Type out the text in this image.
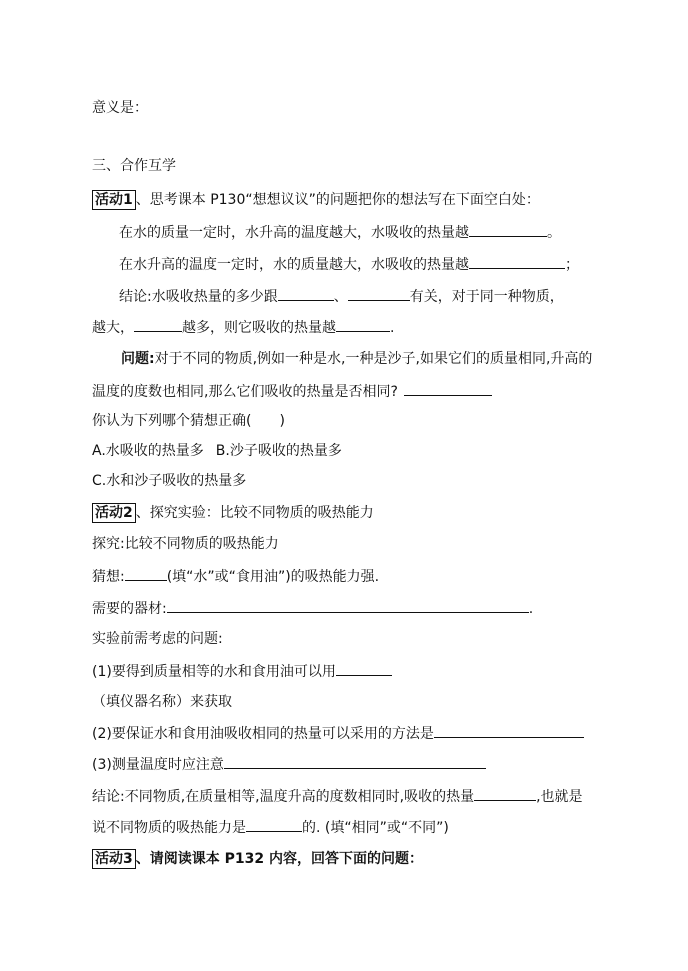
意义是：
三、合作互学
活动1 、思考课本 P130“想想议议”的问题把你的想法写在下面空白处：
在水的质量一定时，水升高的温度越大，水吸收的热量越	。
在水升高的温度一定时，水的质量越大，水吸收的热量越	；
结论:水吸收热量的多少跟	、	有关，对于同一种物质，
越大，	越多，则它吸收的热量越	.
问题:对于不同的物质,例如一种是水,一种是沙子,如果它们的质量相同,升高的
温度的度数也相同,那么它们吸收的热量是否相同?
你认为下列哪个猜想正确(　　)
A.水吸收的热量多 B.沙子吸收的热量多
C.水和沙子吸收的热量多
活动2 、探究实验：比较不同物质的吸热能力
探究:比较不同物质的吸热能力
猜想:	(填“水”或“食用油”)的吸热能力强.
需要的器材:	.
实验前需考虑的问题:
(1)要得到质量相等的水和食用油可以用
（填仪器名称）来获取
(2)要保证水和食用油吸收相同的热量可以采用的方法是
(3)测量温度时应注意
结论:不同物质,在质量相等,温度升高的度数相同时,吸收的热量	,也就是
说不同物质的吸热能力是	的. (填“相同”或“不同”)
活动3 、请阅读课本 P132 内容，回答下面的问题：
